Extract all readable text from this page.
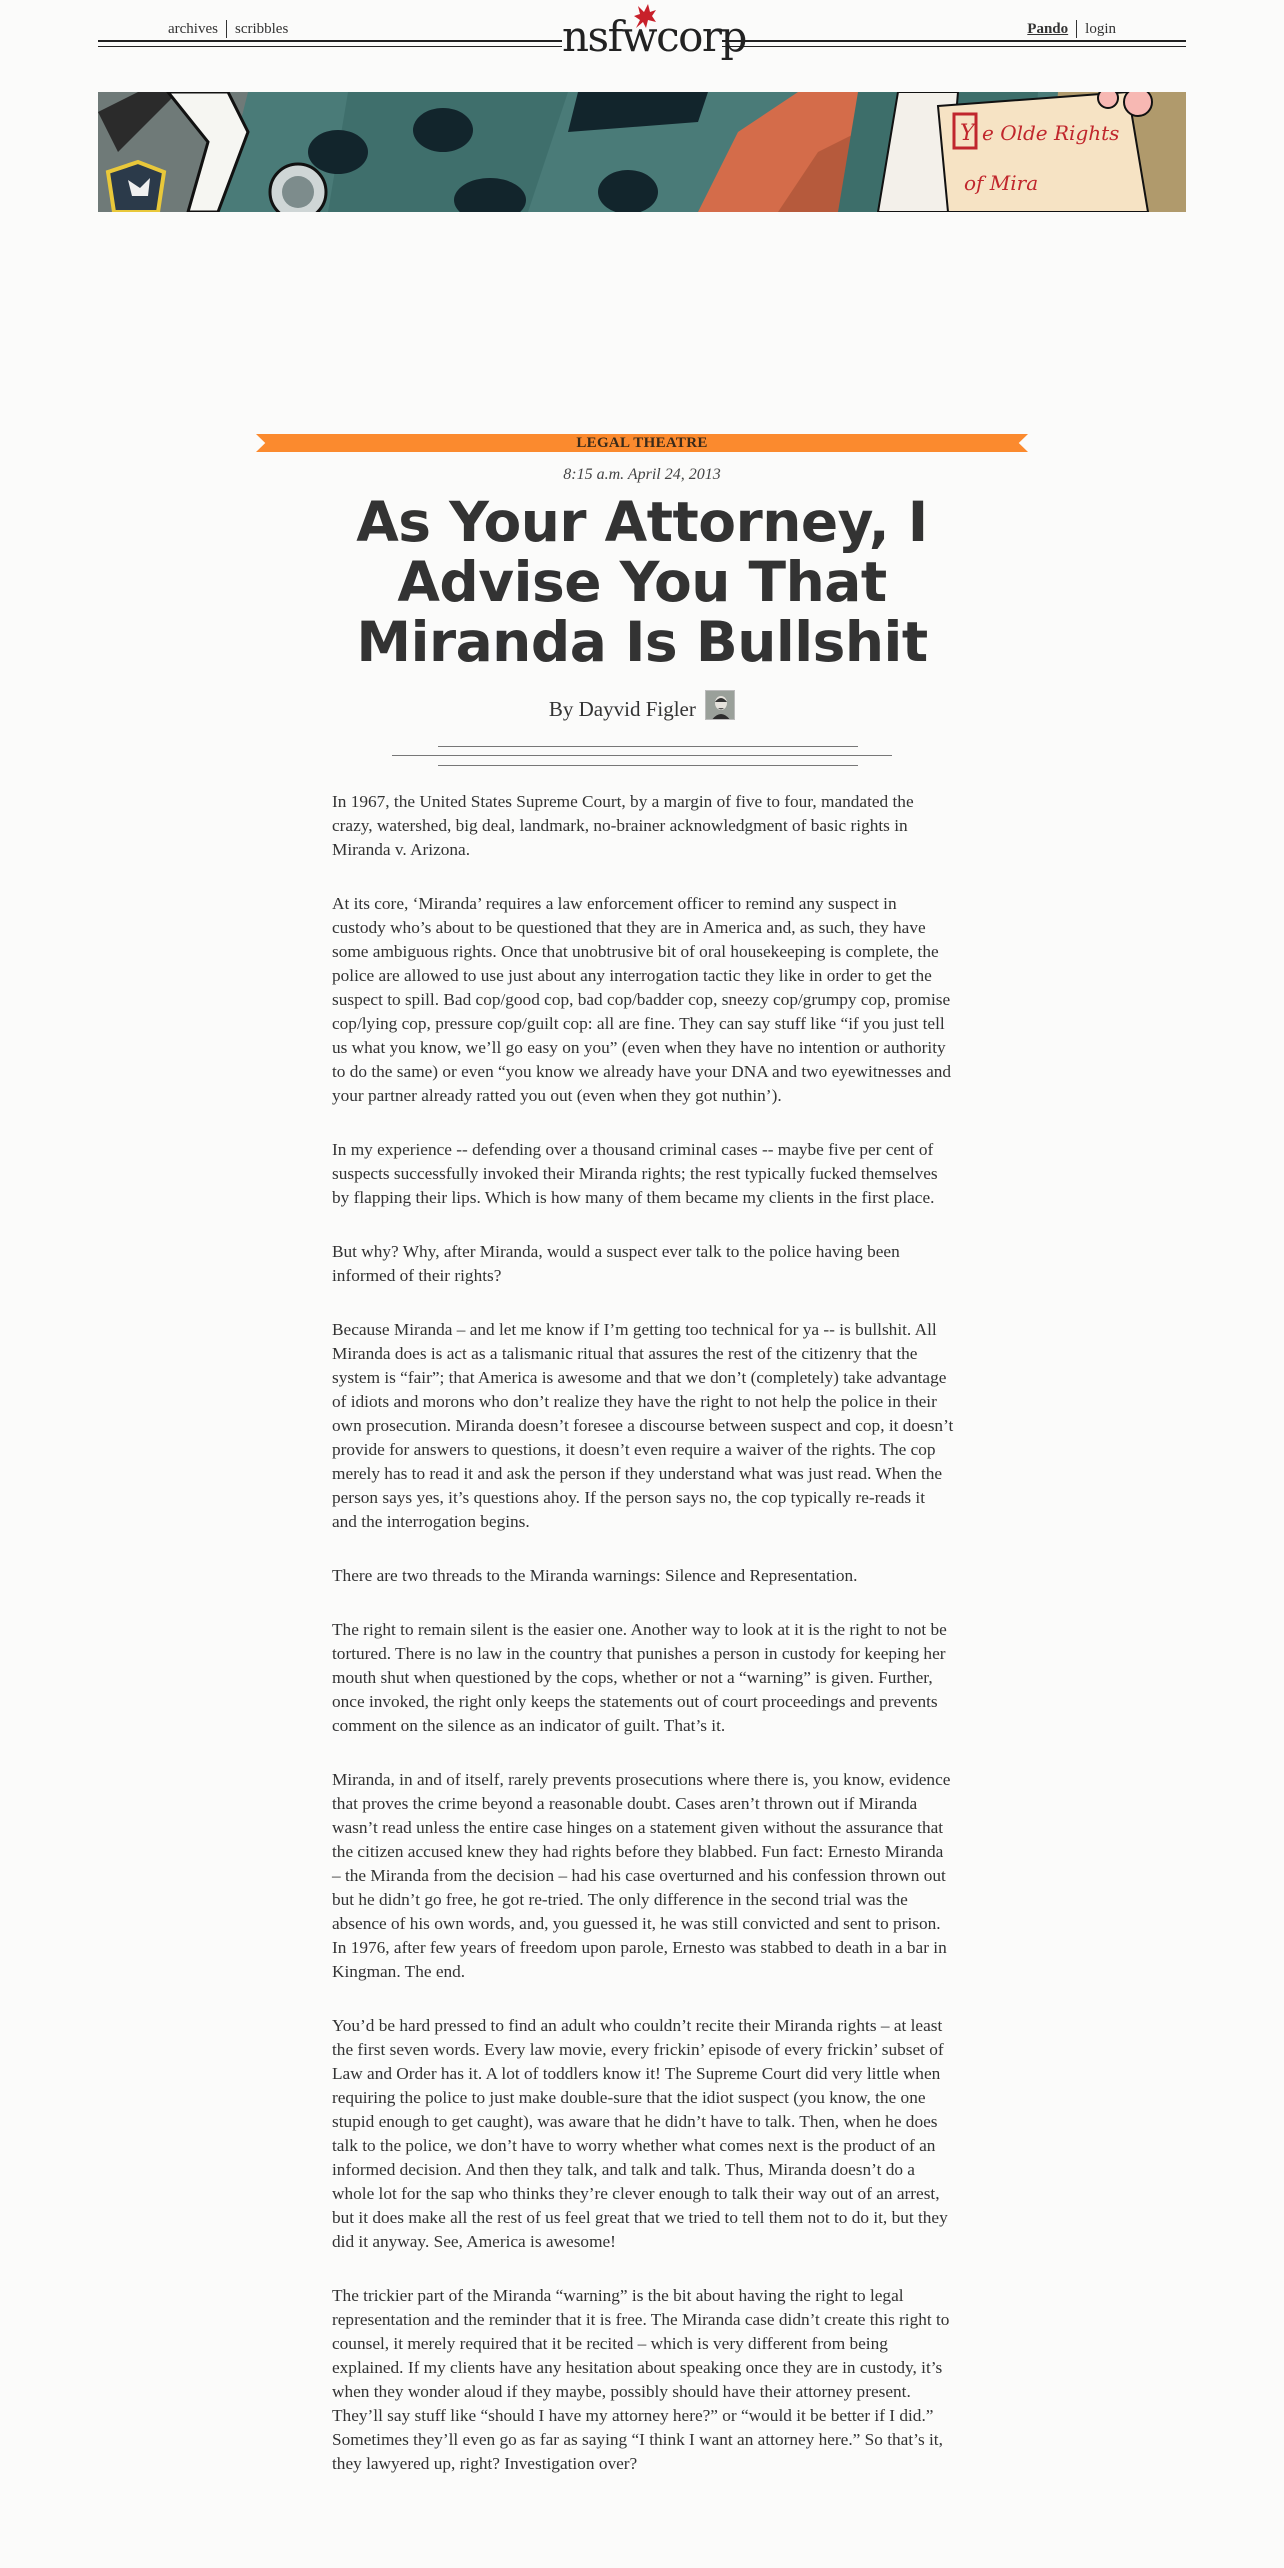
archives scribbles	nsfwcorp	Pando login
Y e Olde Rights
of Mira
LEGAL THEATRE
8:15 a.m. April 24, 2013
As Your Attorney, I Advise You That Miranda Is Bullshit
By Dayvid Figler

In 1967, the United States Supreme Court, by a margin of five to four, mandated the crazy, watershed, big deal, landmark, no-brainer acknowledgment of basic rights in Miranda v. Arizona.

At its core, ‘Miranda’ requires a law enforcement officer to remind any suspect in custody who’s about to be questioned that they are in America and, as such, they have some ambiguous rights. Once that unobtrusive bit of oral housekeeping is complete, the police are allowed to use just about any interrogation tactic they like in order to get the suspect to spill. Bad cop/good cop, bad cop/badder cop, sneezy cop/grumpy cop, promise cop/lying cop, pressure cop/guilt cop: all are fine. They can say stuff like “if you just tell us what you know, we’ll go easy on you” (even when they have no intention or authority to do the same) or even “you know we already have your DNA and two eyewitnesses and your partner already ratted you out (even when they got nuthin’).

In my experience -- defending over a thousand criminal cases -- maybe five per cent of suspects successfully invoked their Miranda rights; the rest typically fucked themselves by flapping their lips. Which is how many of them became my clients in the first place.

But why? Why, after Miranda, would a suspect ever talk to the police having been informed of their rights?

Because Miranda – and let me know if I’m getting too technical for ya -- is bullshit. All Miranda does is act as a talismanic ritual that assures the rest of the citizenry that the system is “fair”; that America is awesome and that we don’t (completely) take advantage of idiots and morons who don’t realize they have the right to not help the police in their own prosecution. Miranda doesn’t foresee a discourse between suspect and cop, it doesn’t provide for answers to questions, it doesn’t even require a waiver of the rights. The cop merely has to read it and ask the person if they understand what was just read. When the person says yes, it’s questions ahoy. If the person says no, the cop typically re-reads it and the interrogation begins.

There are two threads to the Miranda warnings: Silence and Representation.

The right to remain silent is the easier one. Another way to look at it is the right to not be tortured. There is no law in the country that punishes a person in custody for keeping her mouth shut when questioned by the cops, whether or not a “warning” is given. Further, once invoked, the right only keeps the statements out of court proceedings and prevents comment on the silence as an indicator of guilt. That’s it.

Miranda, in and of itself, rarely prevents prosecutions where there is, you know, evidence that proves the crime beyond a reasonable doubt. Cases aren’t thrown out if Miranda wasn’t read unless the entire case hinges on a statement given without the assurance that the citizen accused knew they had rights before they blabbed. Fun fact: Ernesto Miranda – the Miranda from the decision – had his case overturned and his confession thrown out but he didn’t go free, he got re-tried. The only difference in the second trial was the absence of his own words, and, you guessed it, he was still convicted and sent to prison. In 1976, after few years of freedom upon parole, Ernesto was stabbed to death in a bar in Kingman. The end.

You’d be hard pressed to find an adult who couldn’t recite their Miranda rights – at least the first seven words. Every law movie, every frickin’ episode of every frickin’ subset of Law and Order has it. A lot of toddlers know it! The Supreme Court did very little when requiring the police to just make double-sure that the idiot suspect (you know, the one stupid enough to get caught), was aware that he didn’t have to talk. Then, when he does talk to the police, we don’t have to worry whether what comes next is the product of an informed decision. And then they talk, and talk and talk. Thus, Miranda doesn’t do a whole lot for the sap who thinks they’re clever enough to talk their way out of an arrest, but it does make all the rest of us feel great that we tried to tell them not to do it, but they did it anyway. See, America is awesome!

The trickier part of the Miranda “warning” is the bit about having the right to legal representation and the reminder that it is free. The Miranda case didn’t create this right to counsel, it merely required that it be recited – which is very different from being explained. If my clients have any hesitation about speaking once they are in custody, it’s when they wonder aloud if they maybe, possibly should have their attorney present. They’ll say stuff like “should I have my attorney here?” or “would it be better if I did.” Sometimes they’ll even go as far as saying “I think I want an attorney here.” So that’s it, they lawyered up, right? Investigation over?
